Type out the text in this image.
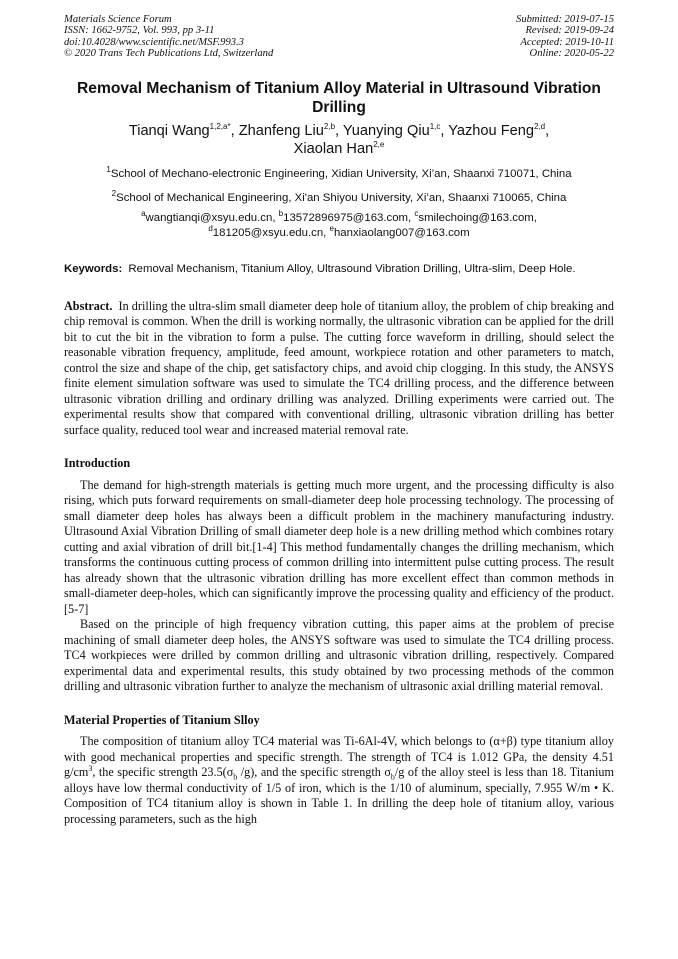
Materials Science Forum
ISSN: 1662-9752, Vol. 993, pp 3-11
doi:10.4028/www.scientific.net/MSF.993.3
© 2020 Trans Tech Publications Ltd, Switzerland
Submitted: 2019-07-15
Revised: 2019-09-24
Accepted: 2019-10-11
Online: 2020-05-22
Removal Mechanism of Titanium Alloy Material in Ultrasound Vibration Drilling
Tianqi Wang$^{1,2,a*}$, Zhanfeng Liu$^{2,b}$, Yuanying Qiu$^{1,c}$, Yazhou Feng$^{2,d}$,
Xiaolan Han$^{2,e}$
$^1$School of Mechano-electronic Engineering, Xidian University, Xi’an, Shaanxi 710071, China
$^2$School of Mechanical Engineering, Xi'an Shiyou University, Xi’an, Shaanxi 710065, China
$^a$wangtianqi@xsyu.edu.cn, $^b$13572896975@163.com, $^c$smilechoing@163.com,
$^d$181205@xsyu.edu.cn, $^e$hanxiaolang007@163.com
Keywords: Removal Mechanism, Titanium Alloy, Ultrasound Vibration Drilling, Ultra-slim, Deep Hole.
Abstract. In drilling the ultra-slim small diameter deep hole of titanium alloy, the problem of chip breaking and chip removal is common. When the drill is working normally, the ultrasonic vibration can be applied for the drill bit to cut the bit in the vibration to form a pulse. The cutting force waveform in drilling, should select the reasonable vibration frequency, amplitude, feed amount, workpiece rotation and other parameters to match, control the size and shape of the chip, get satisfactory chips, and avoid chip clogging. In this study, the ANSYS finite element simulation software was used to simulate the TC4 drilling process, and the difference between ultrasonic vibration drilling and ordinary drilling was analyzed. Drilling experiments were carried out. The experimental results show that compared with conventional drilling, ultrasonic vibration drilling has better surface quality, reduced tool wear and increased material removal rate.
Introduction

The demand for high-strength materials is getting much more urgent, and the processing difficulty is also rising, which puts forward requirements on small-diameter deep hole processing technology. The processing of small diameter deep holes has always been a difficult problem in the machinery manufacturing industry. Ultrasound Axial Vibration Drilling of small diameter deep hole is a new drilling method which combines rotary cutting and axial vibration of drill bit.[1-4] This method fundamentally changes the drilling mechanism, which transforms the continuous cutting process of common drilling into intermittent pulse cutting process. The result has already shown that the ultrasonic vibration drilling has more excellent effect than common methods in small-diameter deep-holes, which can significantly improve the processing quality and efficiency of the product.[5-7]

Based on the principle of high frequency vibration cutting, this paper aims at the problem of precise machining of small diameter deep holes, the ANSYS software was used to simulate the TC4 drilling process. TC4 workpieces were drilled by common drilling and ultrasonic vibration drilling, respectively. Compared experimental data and experimental results, this study obtained by two processing methods of the common drilling and ultrasonic vibration further to analyze the mechanism of ultrasonic axial drilling material removal.

Material Properties of Titanium Slloy

The composition of titanium alloy TC4 material was Ti-6Al-4V, which belongs to (α+β) type titanium alloy with good mechanical properties and specific strength. The strength of TC4 is 1.012 GPa, the density 4.51 $g/cm^3$, the specific strength $23.5(\sigma_b$ /g), and the specific strength $\sigma_b/g$ of the alloy steel is less than 18. Titanium alloys have low thermal conductivity of 1/5 of iron, which is the 1/10 of aluminum, specially, 7.955 W/m • K. Composition of TC4 titanium alloy is shown in Table 1. In drilling the deep hole of titanium alloy, various processing parameters, such as the high
